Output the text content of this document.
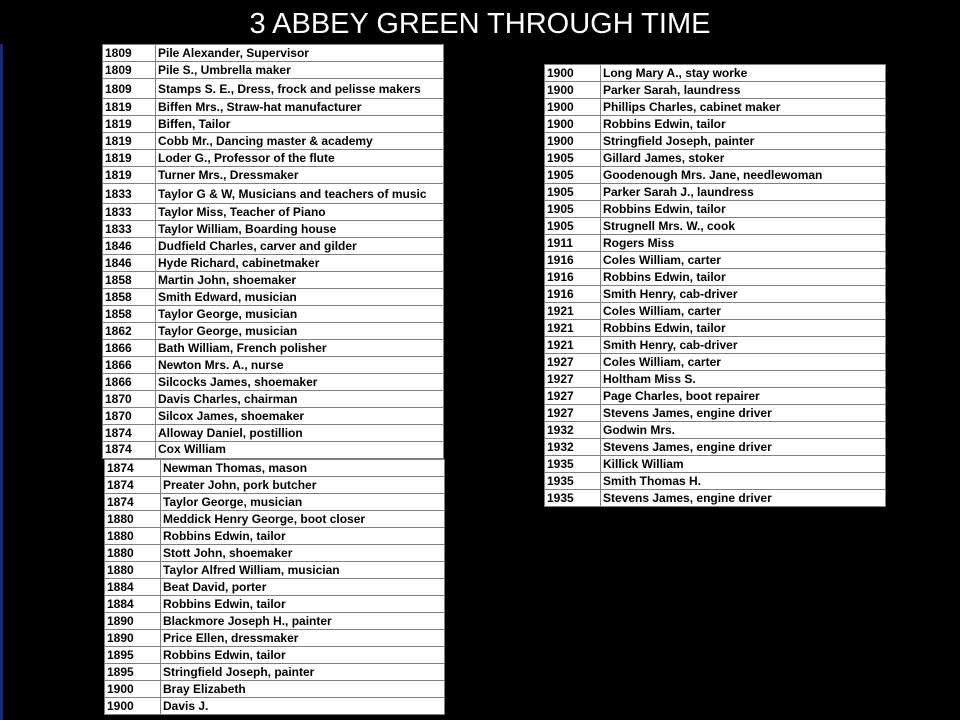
3 ABBEY GREEN THROUGH TIME
1809	Pile Alexander, Supervisor
1809	Pile S., Umbrella maker
1809	Stamps S. E., Dress, frock and pelisse makers
1819	Biffen Mrs., Straw-hat manufacturer
1819	Biffen, Tailor
1819	Cobb Mr., Dancing master & academy
1819	Loder G., Professor of the flute
1819	Turner Mrs., Dressmaker
1833	Taylor G & W, Musicians and teachers of music
1833	Taylor Miss, Teacher of Piano
1833	Taylor William, Boarding house
1846	Dudfield Charles, carver and gilder
1846	Hyde Richard, cabinetmaker
1858	Martin John, shoemaker
1858	Smith Edward, musician
1858	Taylor George, musician
1862	Taylor George, musician
1866	Bath William, French polisher
1866	Newton Mrs. A., nurse
1866	Silcocks James, shoemaker
1870	Davis Charles, chairman
1870	Silcox James, shoemaker
1874	Alloway Daniel, postillion
1874	Cox William
1874	Newman Thomas, mason
1874	Preater John, pork butcher
1874	Taylor George, musician
1880	Meddick Henry George, boot closer
1880	Robbins Edwin, tailor
1880	Stott John, shoemaker
1880	Taylor Alfred William, musician
1884	Beat David, porter
1884	Robbins Edwin, tailor
1890	Blackmore Joseph H., painter
1890	Price Ellen, dressmaker
1895	Robbins Edwin, tailor
1895	Stringfield Joseph, painter
1900	Bray Elizabeth
1900	Davis J.
1900	Long Mary A., stay worke
1900	Parker Sarah, laundress
1900	Phillips Charles, cabinet maker
1900	Robbins Edwin, tailor
1900	Stringfield Joseph, painter
1905	Gillard James, stoker
1905	Goodenough Mrs. Jane, needlewoman
1905	Parker Sarah J., laundress
1905	Robbins Edwin, tailor
1905	Strugnell Mrs. W., cook
1911	Rogers Miss
1916	Coles William, carter
1916	Robbins Edwin, tailor
1916	Smith Henry, cab-driver
1921	Coles William, carter
1921	Robbins Edwin, tailor
1921	Smith Henry, cab-driver
1927	Coles William, carter
1927	Holtham Miss S.
1927	Page Charles, boot repairer
1927	Stevens James, engine driver
1932	Godwin Mrs.
1932	Stevens James, engine driver
1935	Killick William
1935	Smith Thomas H.
1935	Stevens James, engine driver
